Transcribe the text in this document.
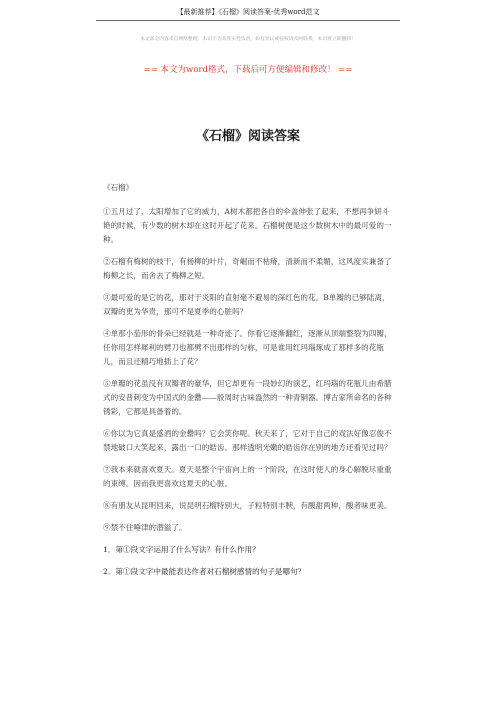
【最新推荐】《石榴》阅读答案-优秀word范文
本文部分内容来自网络整理，本司不为其真实性负责，如有异议或侵权请及时联系，本司将立即删除！
== 本文为word格式，下载后可方便编辑和修改！ ==
《石榴》阅读答案

《石榴》

①五月过了，太阳增加了它的威力，A树木都把各自的伞盖伸张了起来，不想再争妍斗艳的时候，有少数的树木却在这时开起了花来。石榴树便是这少数树木中的最可爱的一种。

②石榴有梅树的枝干，有杨柳的叶片，奇崛而不枯瘠，清新而不柔媚，这风度实兼备了梅柳之长，而舍去了梅柳之短。

③最可爱的是它的花，那对于炎阳的直射毫不避易的深红色的花。B单瓣的已够陆离，双瓣的更为华贵，那可不是夏季的心脏吗？

④单那小茄形的骨朵已经就是一种奇迹了。你看它逐渐翻红，逐渐从顶端整裂为四瓣，任你用怎样犀利的劈刀也都劈不出那样的匀称，可是谁用红玛瑙琢成了那样多的花瓶儿，而且还精巧地插上了花？

⑤单瓣的花虽没有双瓣者的豪华，但它却更有一段妙幻的演艺，红玛瑙的花瓶儿由希腊式的安普刺变为中国式的金罍——殷周时古味盎然的一种青铜器。博古家所命名的各种锈彩，它都是具备着的。

⑥你以为它真是盛酒的金罍吗？它会笑你呢。秋天来了，它对于自己的戏法好像忍俊不禁地破口大笑起来，露出一口的皓齿。那样透明光嫩的皓齿你在别的地方还看见过吗？

⑦我本来就喜欢夏天。夏天是整个宇宙向上的一个阶段，在这时使人的身心解脱尽重重的束缚。因而我更喜欢这夏天的心脏。

⑧有朋友从昆明回来，说昆明石榴特别大，子粒特别丰腴，有酸甜两种，酸者味更美。

⑨禁不住唾津的潜溢了。

1．第①段文字运用了什么写法？有什么作用？

2．第①段文字中最能表达作者对石榴树感情的句子是哪句？
